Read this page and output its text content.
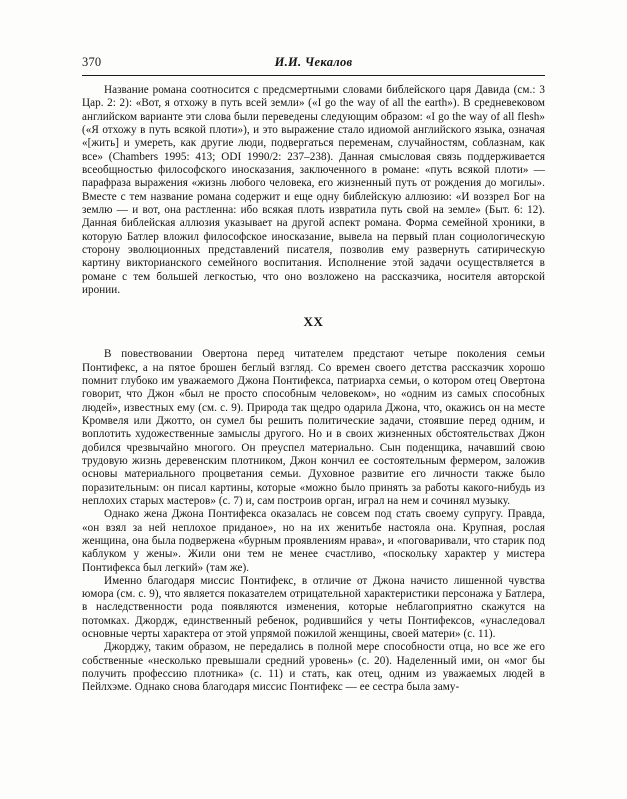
370	И.И. Чекалов

Название романа соотносится с предсмертными словами библейского царя Давида (см.: 3 Цар. 2: 2): «Вот, я отхожу в путь всей земли» («I go the way of all the earth»). В средневековом английском варианте эти слова были переведены следующим образом: «I go the way of all flesh» («Я отхожу в путь всякой плоти»), и это выражение стало идиомой английского языка, означая «[жить] и умереть, как другие люди, подвергаться переменам, случайностям, соблазнам, как все» (Chambers 1995: 413; ODI 1990/2: 237–238). Данная смысловая связь поддерживается всеобщностью философского иносказания, заключенного в романе: «путь всякой плоти» — парафраза выражения «жизнь любого человека, его жизненный путь от рождения до могилы». Вместе с тем название романа содержит и еще одну библейскую аллюзию: «И воззрел Бог на землю — и вот, она растленна: ибо всякая плоть извратила путь свой на земле» (Быт. 6: 12). Данная библейская аллюзия указывает на другой аспект романа. Форма семейной хроники, в которую Батлер вложил философское иносказание, вывела на первый план социологическую сторону эволюционных представлений писателя, позволив ему развернуть сатирическую картину викторианского семейного воспитания. Исполнение этой задачи осуществляется в романе с тем большей легкостью, что оно возложено на рассказчика, носителя авторской иронии.

XX

В повествовании Овертона перед читателем предстают четыре поколения семьи Понтифекс, а на пятое брошен беглый взгляд. Со времен своего детства рассказчик хорошо помнит глубоко им уважаемого Джона Понтифекса, патриарха семьи, о котором отец Овертона говорит, что Джон «был не просто способным человеком», но «одним из самых способных людей», известных ему (см. с. 9). Природа так щедро одарила Джона, что, окажись он на месте Кромвеля или Джотто, он сумел бы решить политические задачи, стоявшие перед одним, и воплотить художественные замыслы другого. Но и в своих жизненных обстоятельствах Джон добился чрезвычайно многого. Он преуспел материально. Сын поденщика, начавший свою трудовую жизнь деревенским плотником, Джон кончил ее состоятельным фермером, заложив основы материального процветания семьи. Духовное развитие его личности также было поразительным: он писал картины, которые «можно было принять за работы какого-нибудь из неплохих старых мастеров» (с. 7) и, сам построив орган, играл на нем и сочинял музыку.

Однако жена Джона Понтифекса оказалась не совсем под стать своему супругу. Правда, «он взял за ней неплохое приданое», но на их женитьбе настояла она. Крупная, рослая женщина, она была подвержена «бурным проявлениям нрава», и «поговаривали, что старик под каблуком у жены». Жили они тем не менее счастливо, «поскольку характер у мистера Понтифекса был легкий» (там же).

Именно благодаря миссис Понтифекс, в отличие от Джона начисто лишенной чувства юмора (см. с. 9), что является показателем отрицательной характеристики персонажа у Батлера, в наследственности рода появляются изменения, которые неблагоприятно скажутся на потомках. Джордж, единственный ребенок, родившийся у четы Понтифексов, «унаследовал основные черты характера от этой упрямой пожилой женщины, своей матери» (с. 11).

Джорджу, таким образом, не передались в полной мере способности отца, но все же его собственные «несколько превышали средний уровень» (с. 20). Наделенный ими, он «мог бы получить профессию плотника» (с. 11) и стать, как отец, одним из уважаемых людей в Пейлхэме. Однако снова благодаря миссис Понтифекс — ее сестра была заму-
